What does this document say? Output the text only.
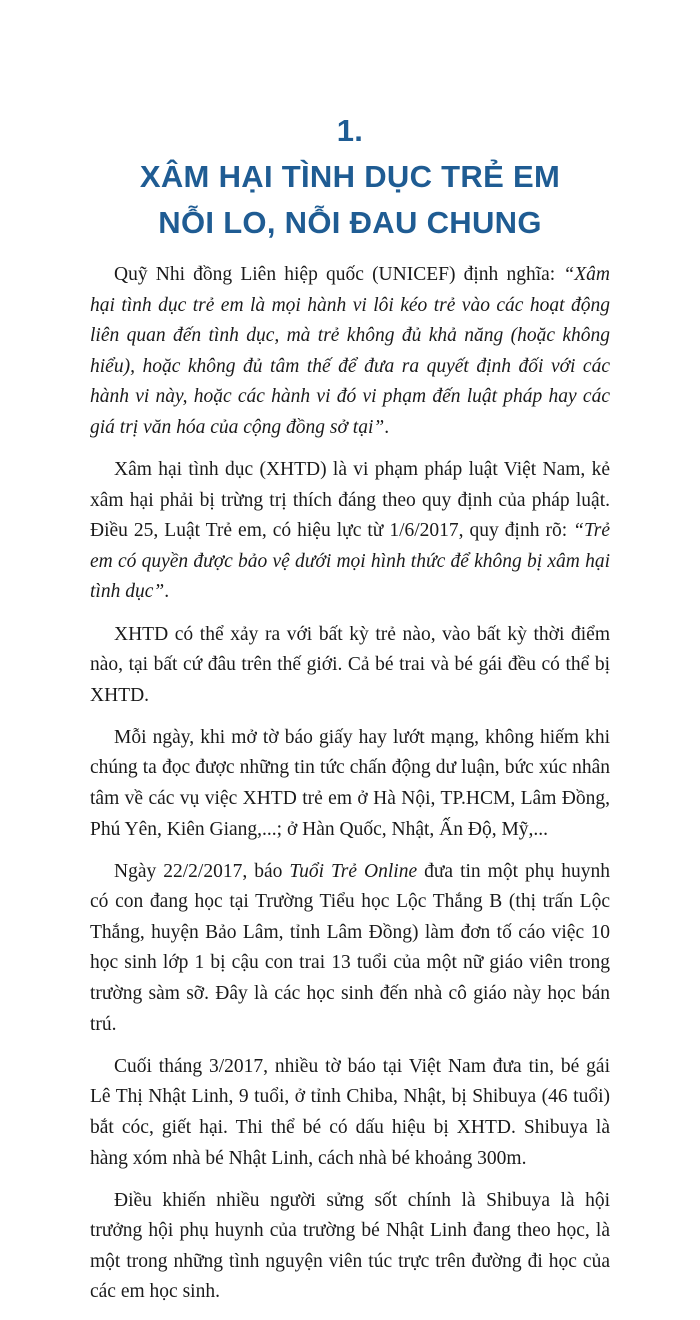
1.
XÂM HẠI TÌNH DỤC TRẺ EM
NỖI LO, NỖI ĐAU CHUNG

Quỹ Nhi đồng Liên hiệp quốc (UNICEF) định nghĩa: “Xâm hại tình dục trẻ em là mọi hành vi lôi kéo trẻ vào các hoạt động liên quan đến tình dục, mà trẻ không đủ khả năng (hoặc không hiểu), hoặc không đủ tâm thế để đưa ra quyết định đối với các hành vi này, hoặc các hành vi đó vi phạm đến luật pháp hay các giá trị văn hóa của cộng đồng sở tại”.

Xâm hại tình dục (XHTD) là vi phạm pháp luật Việt Nam, kẻ xâm hại phải bị trừng trị thích đáng theo quy định của pháp luật. Điều 25, Luật Trẻ em, có hiệu lực từ 1/6/2017, quy định rõ: “Trẻ em có quyền được bảo vệ dưới mọi hình thức để không bị xâm hại tình dục”.

XHTD có thể xảy ra với bất kỳ trẻ nào, vào bất kỳ thời điểm nào, tại bất cứ đâu trên thế giới. Cả bé trai và bé gái đều có thể bị XHTD.

Mỗi ngày, khi mở tờ báo giấy hay lướt mạng, không hiếm khi chúng ta đọc được những tin tức chấn động dư luận, bức xúc nhân tâm về các vụ việc XHTD trẻ em ở Hà Nội, TP.HCM, Lâm Đồng, Phú Yên, Kiên Giang,...; ở Hàn Quốc, Nhật, Ấn Độ, Mỹ,...

Ngày 22/2/2017, báo Tuổi Trẻ Online đưa tin một phụ huynh có con đang học tại Trường Tiểu học Lộc Thắng B (thị trấn Lộc Thắng, huyện Bảo Lâm, tỉnh Lâm Đồng) làm đơn tố cáo việc 10 học sinh lớp 1 bị cậu con trai 13 tuổi của một nữ giáo viên trong trường sàm sỡ. Đây là các học sinh đến nhà cô giáo này học bán trú.

Cuối tháng 3/2017, nhiều tờ báo tại Việt Nam đưa tin, bé gái Lê Thị Nhật Linh, 9 tuổi, ở tỉnh Chiba, Nhật, bị Shibuya (46 tuổi) bắt cóc, giết hại. Thi thể bé có dấu hiệu bị XHTD. Shibuya là hàng xóm nhà bé Nhật Linh, cách nhà bé khoảng 300m.

Điều khiến nhiều người sửng sốt chính là Shibuya là hội trưởng hội phụ huynh của trường bé Nhật Linh đang theo học, là một trong những tình nguyện viên túc trực trên đường đi học của các em học sinh.
